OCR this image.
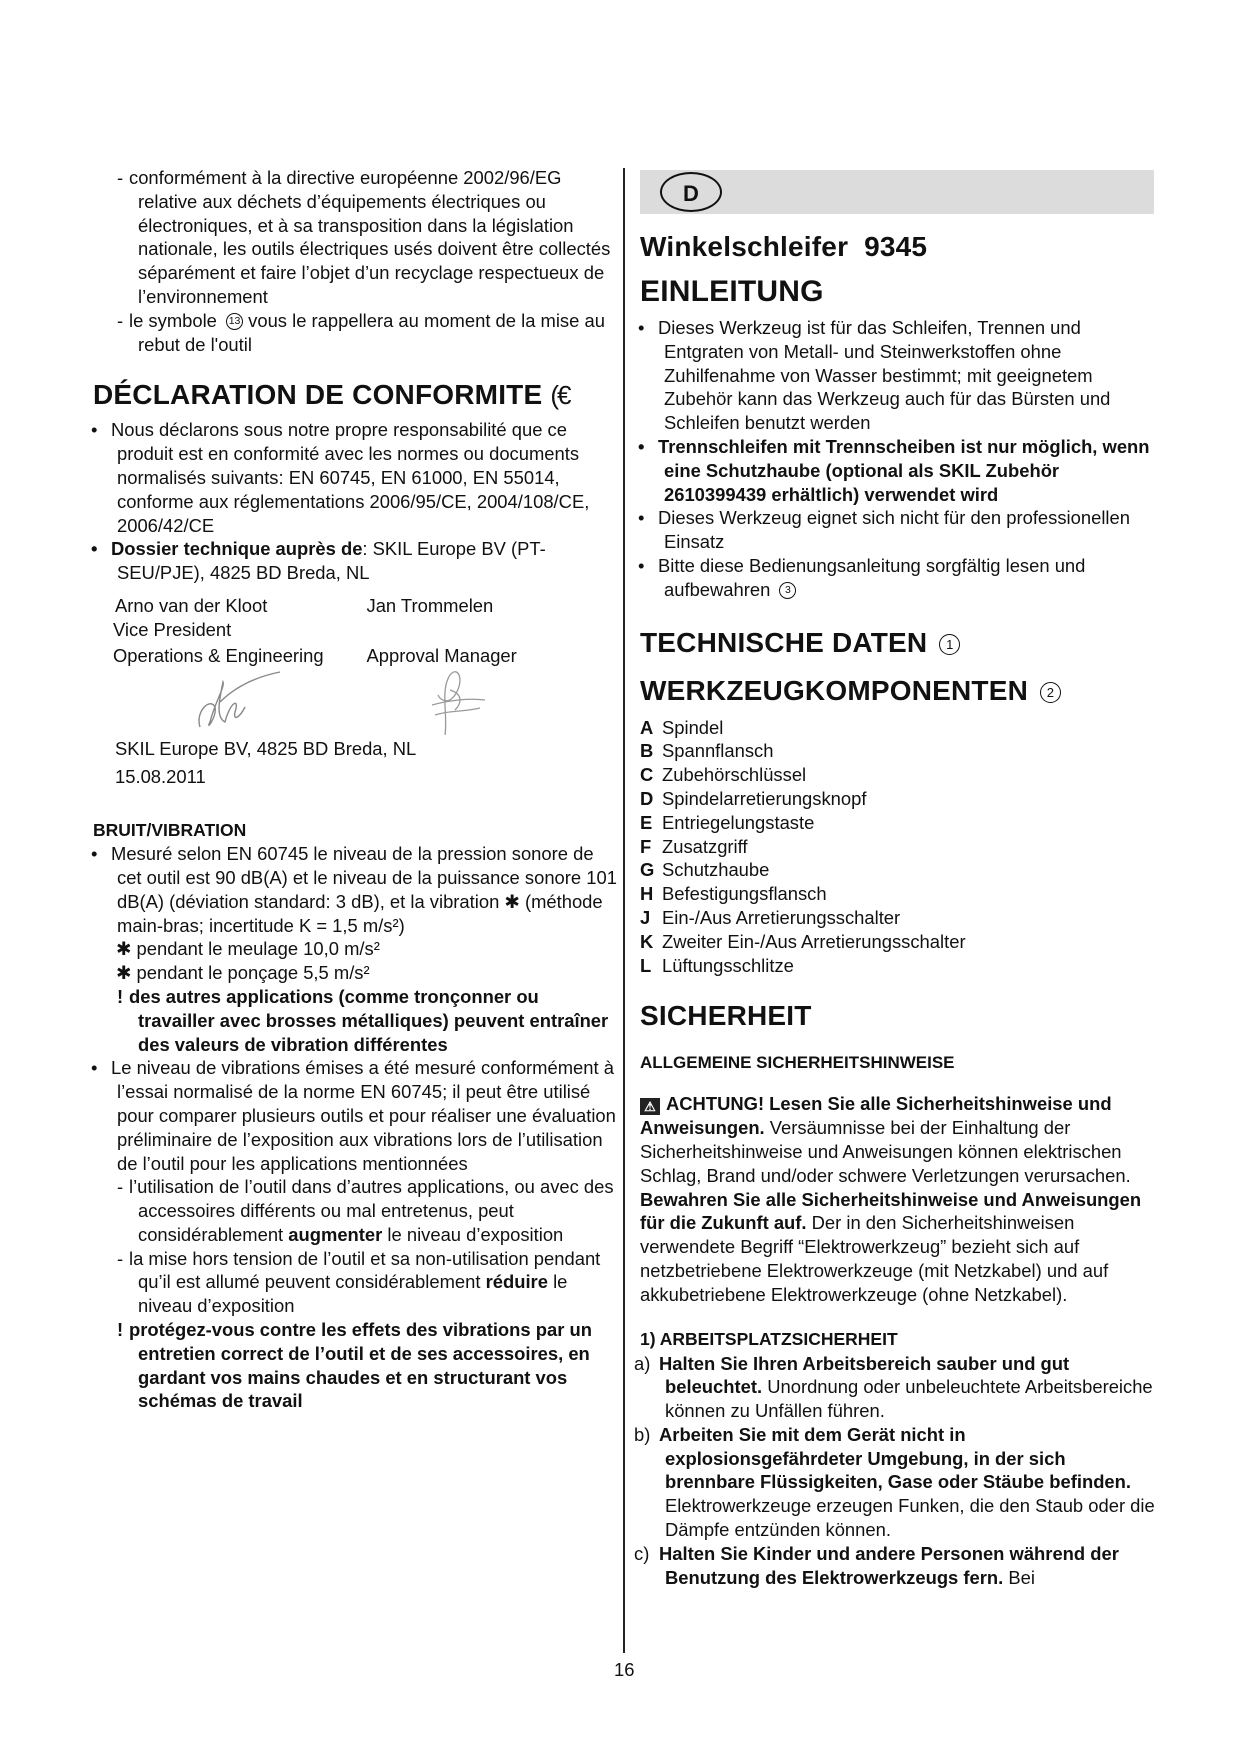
- conformément à la directive européenne 2002/96/EG relative aux déchets d’équipements électriques ou électroniques, et à sa transposition dans la législation nationale, les outils électriques usés doivent être collectés séparément et faire l’objet d’un recyclage respectueux de l’environnement
- le symbole 13 vous le rappellera au moment de la mise au rebut de l'outil
DÉCLARATION DE CONFORMITE (€
• Nous déclarons sous notre propre responsabilité que ce produit est en conformité avec les normes ou documents normalisés suivants: EN 60745, EN 61000, EN 55014, conforme aux réglementations 2006/95/CE, 2004/108/CE, 2006/42/CE
• Dossier technique auprès de: SKIL Europe BV (PT-SEU/PJE), 4825 BD Breda, NL
Arno van der Kloot
Vice President
Operations & Engineering
Jan Trommelen
Approval Manager
SKIL Europe BV, 4825 BD Breda, NL
15.08.2011
BRUIT/VIBRATION
• Mesuré selon EN 60745 le niveau de la pression sonore de cet outil est 90 dB(A) et le niveau de la puissance sonore 101 dB(A) (déviation standard: 3 dB), et la vibration ✱ (méthode main-bras; incertitude K = 1,5 m/s²)
✱ pendant le meulage 10,0 m/s²
✱ pendant le ponçage 5,5 m/s²
! des autres applications (comme tronçonner ou travailler avec brosses métalliques) peuvent entraîner des valeurs de vibration différentes
• Le niveau de vibrations émises a été mesuré conformément à l’essai normalisé de la norme EN 60745; il peut être utilisé pour comparer plusieurs outils et pour réaliser une évaluation préliminaire de l’exposition aux vibrations lors de l’utilisation de l’outil pour les applications mentionnées
- l’utilisation de l’outil dans d’autres applications, ou avec des accessoires différents ou mal entretenus, peut considérablement augmenter le niveau d’exposition
- la mise hors tension de l’outil et sa non-utilisation pendant qu’il est allumé peuvent considérablement réduire le niveau d’exposition
! protégez-vous contre les effets des vibrations par un entretien correct de l’outil et de ses accessoires, en gardant vos mains chaudes et en structurant vos schémas de travail
D
Winkelschleifer  9345
EINLEITUNG
• Dieses Werkzeug ist für das Schleifen, Trennen und Entgraten von Metall- und Steinwerkstoffen ohne Zuhilfenahme von Wasser bestimmt; mit geeignetem Zubehör kann das Werkzeug auch für das Bürsten und Schleifen benutzt werden
• Trennschleifen mit Trennscheiben ist nur möglich, wenn eine Schutzhaube (optional als SKIL Zubehör 2610399439 erhältlich) verwendet wird
• Dieses Werkzeug eignet sich nicht für den professionellen Einsatz
• Bitte diese Bedienungsanleitung sorgfältig lesen und aufbewahren 3
TECHNISCHE DATEN 1
WERKZEUGKOMPONENTEN 2
A Spindel
B Spannflansch
C Zubehörschlüssel
D Spindelarretierungsknopf
E Entriegelungstaste
F Zusatzgriff
G Schutzhaube
H Befestigungsflansch
J Ein-/Aus Arretierungsschalter
K Zweiter Ein-/Aus Arretierungsschalter
L Lüftungsschlitze
SICHERHEIT
ALLGEMEINE SICHERHEITSHINWEISE
⚠ ACHTUNG! Lesen Sie alle Sicherheitshinweise und Anweisungen. Versäumnisse bei der Einhaltung der Sicherheitshinweise und Anweisungen können elektrischen Schlag, Brand und/oder schwere Verletzungen verursachen. Bewahren Sie alle Sicherheitshinweise und Anweisungen für die Zukunft auf. Der in den Sicherheitshinweisen verwendete Begriff “Elektrowerkzeug” bezieht sich auf netzbetriebene Elektrowerkzeuge (mit Netzkabel) und auf akkubetriebene Elektrowerkzeuge (ohne Netzkabel).
1) ARBEITSPLATZSICHERHEIT
a) Halten Sie Ihren Arbeitsbereich sauber und gut beleuchtet. Unordnung oder unbeleuchtete Arbeitsbereiche können zu Unfällen führen.
b) Arbeiten Sie mit dem Gerät nicht in explosionsgefährdeter Umgebung, in der sich brennbare Flüssigkeiten, Gase oder Stäube befinden. Elektrowerkzeuge erzeugen Funken, die den Staub oder die Dämpfe entzünden können.
c) Halten Sie Kinder und andere Personen während der Benutzung des Elektrowerkzeugs fern. Bei
16
